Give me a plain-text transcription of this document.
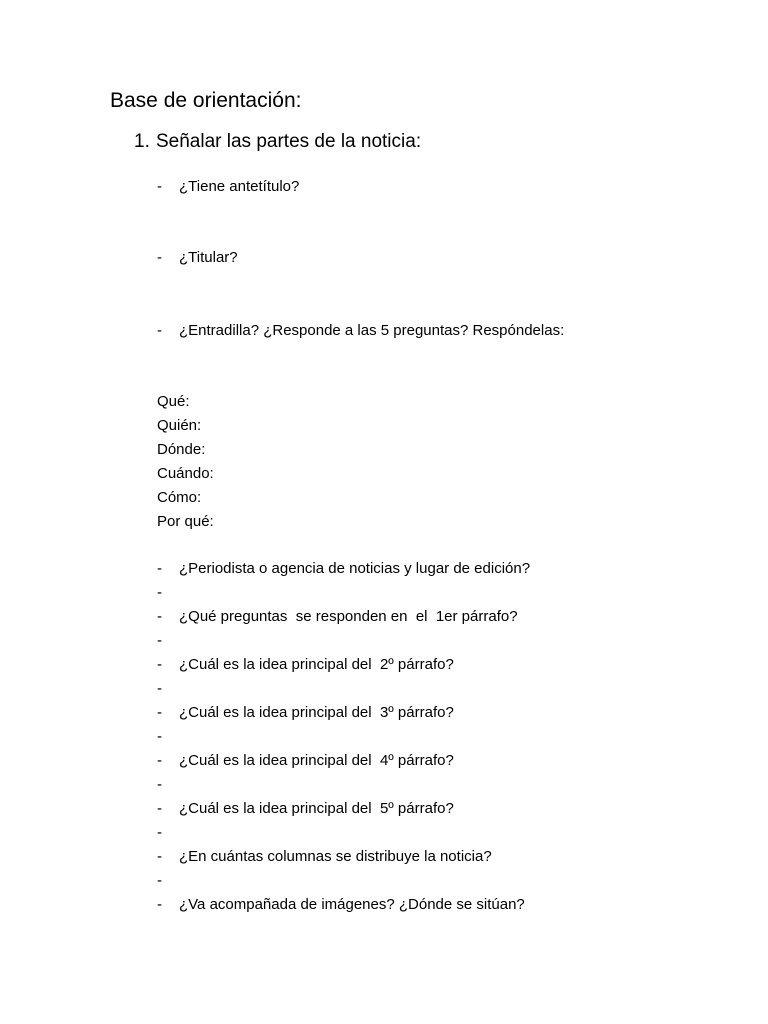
Base de orientación:
1. Señalar las partes de la noticia:
- ¿Tiene antetítulo?
- ¿Titular?
- ¿Entradilla? ¿Responde a las 5 preguntas? Respóndelas:
Qué:
Quién:
Dónde:
Cuándo:
Cómo:
Por qué:
- ¿Periodista o agencia de noticias y lugar de edición?
-
- ¿Qué preguntas  se responden en  el  1er párrafo?
-
- ¿Cuál es la idea principal del  2º párrafo?
-
- ¿Cuál es la idea principal del  3º párrafo?
-
- ¿Cuál es la idea principal del  4º párrafo?
-
- ¿Cuál es la idea principal del  5º párrafo?
-
- ¿En cuántas columnas se distribuye la noticia?
-
- ¿Va acompañada de imágenes? ¿Dónde se sitúan?
